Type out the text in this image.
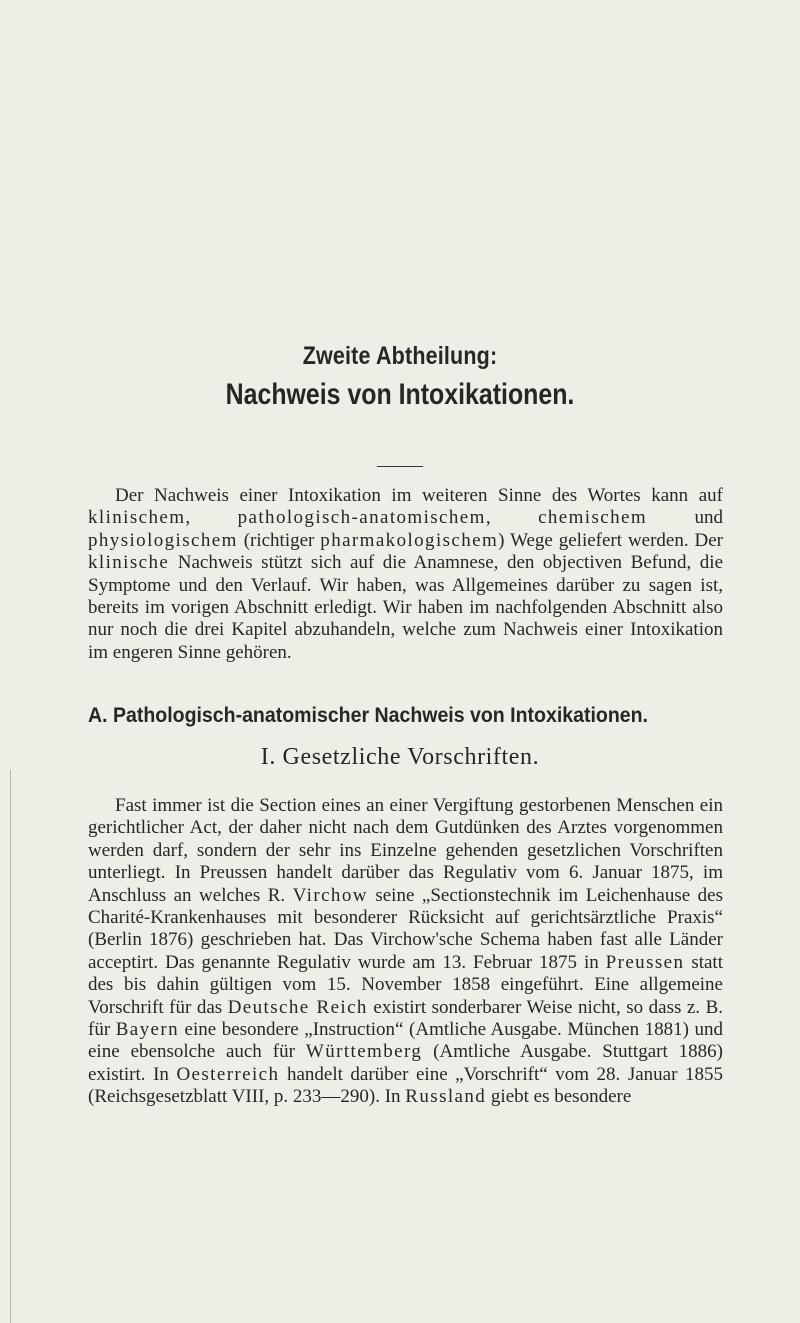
Zweite Abtheilung:
Nachweis von Intoxikationen.

Der Nachweis einer Intoxikation im weiteren Sinne des Wortes kann auf klinischem, pathologisch-anatomischem, chemischem und physiologischem (richtiger pharmakologischem) Wege geliefert werden. Der klinische Nachweis stützt sich auf die Anamnese, den objectiven Befund, die Symptome und den Verlauf. Wir haben, was Allgemeines darüber zu sagen ist, bereits im vorigen Abschnitt erledigt. Wir haben im nachfolgenden Abschnitt also nur noch die drei Kapitel abzuhandeln, welche zum Nachweis einer Intoxikation im engeren Sinne gehören.

A. Pathologisch-anatomischer Nachweis von Intoxikationen.
I. Gesetzliche Vorschriften.

Fast immer ist die Section eines an einer Vergiftung gestorbenen Menschen ein gerichtlicher Act, der daher nicht nach dem Gutdünken des Arztes vorgenommen werden darf, sondern der sehr ins Einzelne gehenden gesetzlichen Vorschriften unterliegt. In Preussen handelt darüber das Regulativ vom 6. Januar 1875, im Anschluss an welches R. Virchow seine „Sectionstechnik im Leichenhause des Charité-Krankenhauses mit besonderer Rücksicht auf gerichtsärztliche Praxis“ (Berlin 1876) geschrieben hat. Das Virchow'sche Schema haben fast alle Länder acceptirt. Das genannte Regulativ wurde am 13. Februar 1875 in Preussen statt des bis dahin gültigen vom 15. November 1858 eingeführt. Eine allgemeine Vorschrift für das Deutsche Reich existirt sonderbarer Weise nicht, so dass z. B. für Bayern eine besondere „Instruction“ (Amtliche Ausgabe. München 1881) und eine ebensolche auch für Württemberg (Amtliche Ausgabe. Stuttgart 1886) existirt. In Oesterreich handelt darüber eine „Vorschrift“ vom 28. Januar 1855 (Reichsgesetzblatt VIII, p. 233—290). In Russland giebt es besondere
